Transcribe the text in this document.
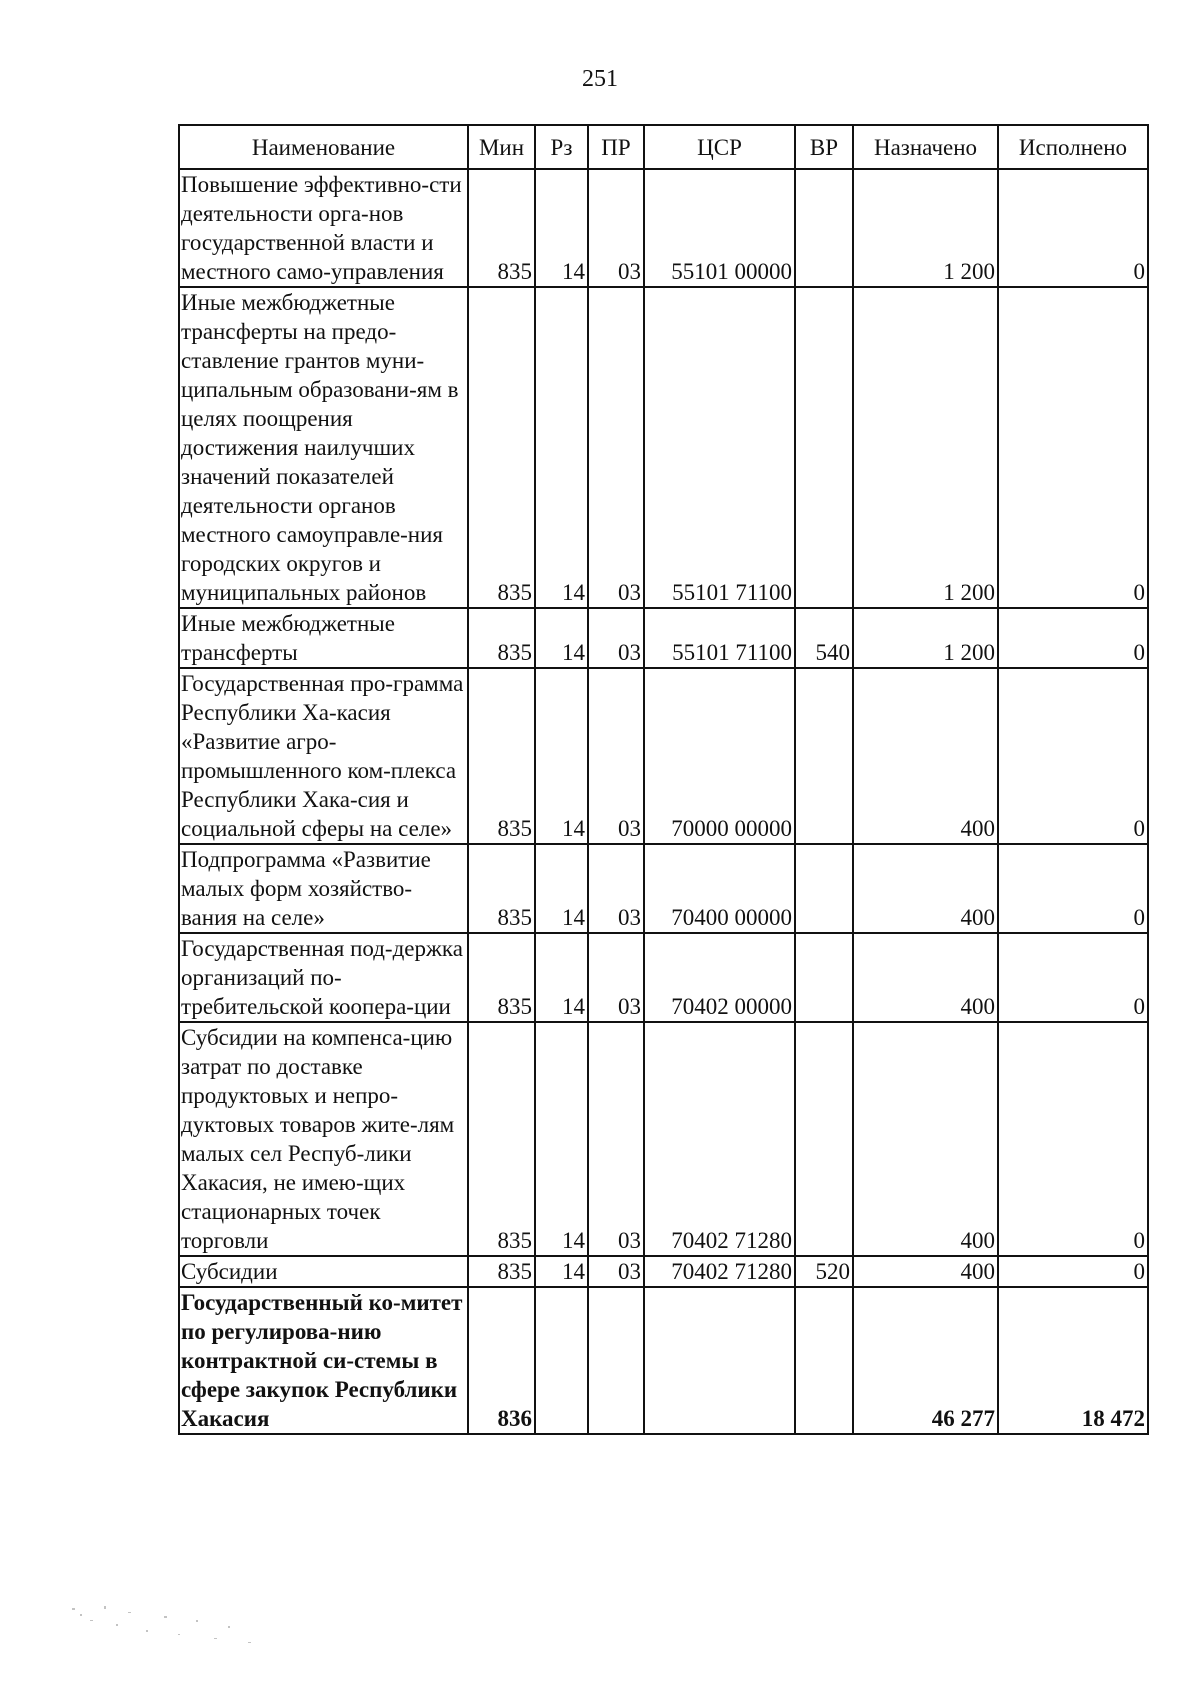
251
Наименование	Мин	Рз	ПР	ЦСР	ВР	Назначено	Исполнено
Повышение эффективно-сти деятельности орга-нов государственной власти и местного само-управления	835	14	03	55101 00000		1 200	0
Иные межбюджетные трансферты на предо-ставление грантов муни-ципальным образовани-ям в целях поощрения достижения наилучших значений показателей деятельности органов местного самоуправле-ния городских округов и муниципальных районов	835	14	03	55101 71100		1 200	0
Иные межбюджетные трансферты	835	14	03	55101 71100	540	1 200	0
Государственная про-грамма Республики Ха-касия «Развитие агро-промышленного ком-плекса Республики Хака-сия и социальной сферы на селе»	835	14	03	70000 00000		400	0
Подпрограмма «Развитие малых форм хозяйство-вания на селе»	835	14	03	70400 00000		400	0
Государственная под-держка организаций по-требительской коопера-ции	835	14	03	70402 00000		400	0
Субсидии на компенса-цию затрат по доставке продуктовых и непро-дуктовых товаров жите-лям малых сел Респуб-лики Хакасия, не имею-щих стационарных точек торговли	835	14	03	70402 71280		400	0
Субсидии	835	14	03	70402 71280	520	400	0
Государственный ко-митет по регулирова-нию контрактной си-стемы в сфере закупок Республики Хакасия	836					46 277	18 472
